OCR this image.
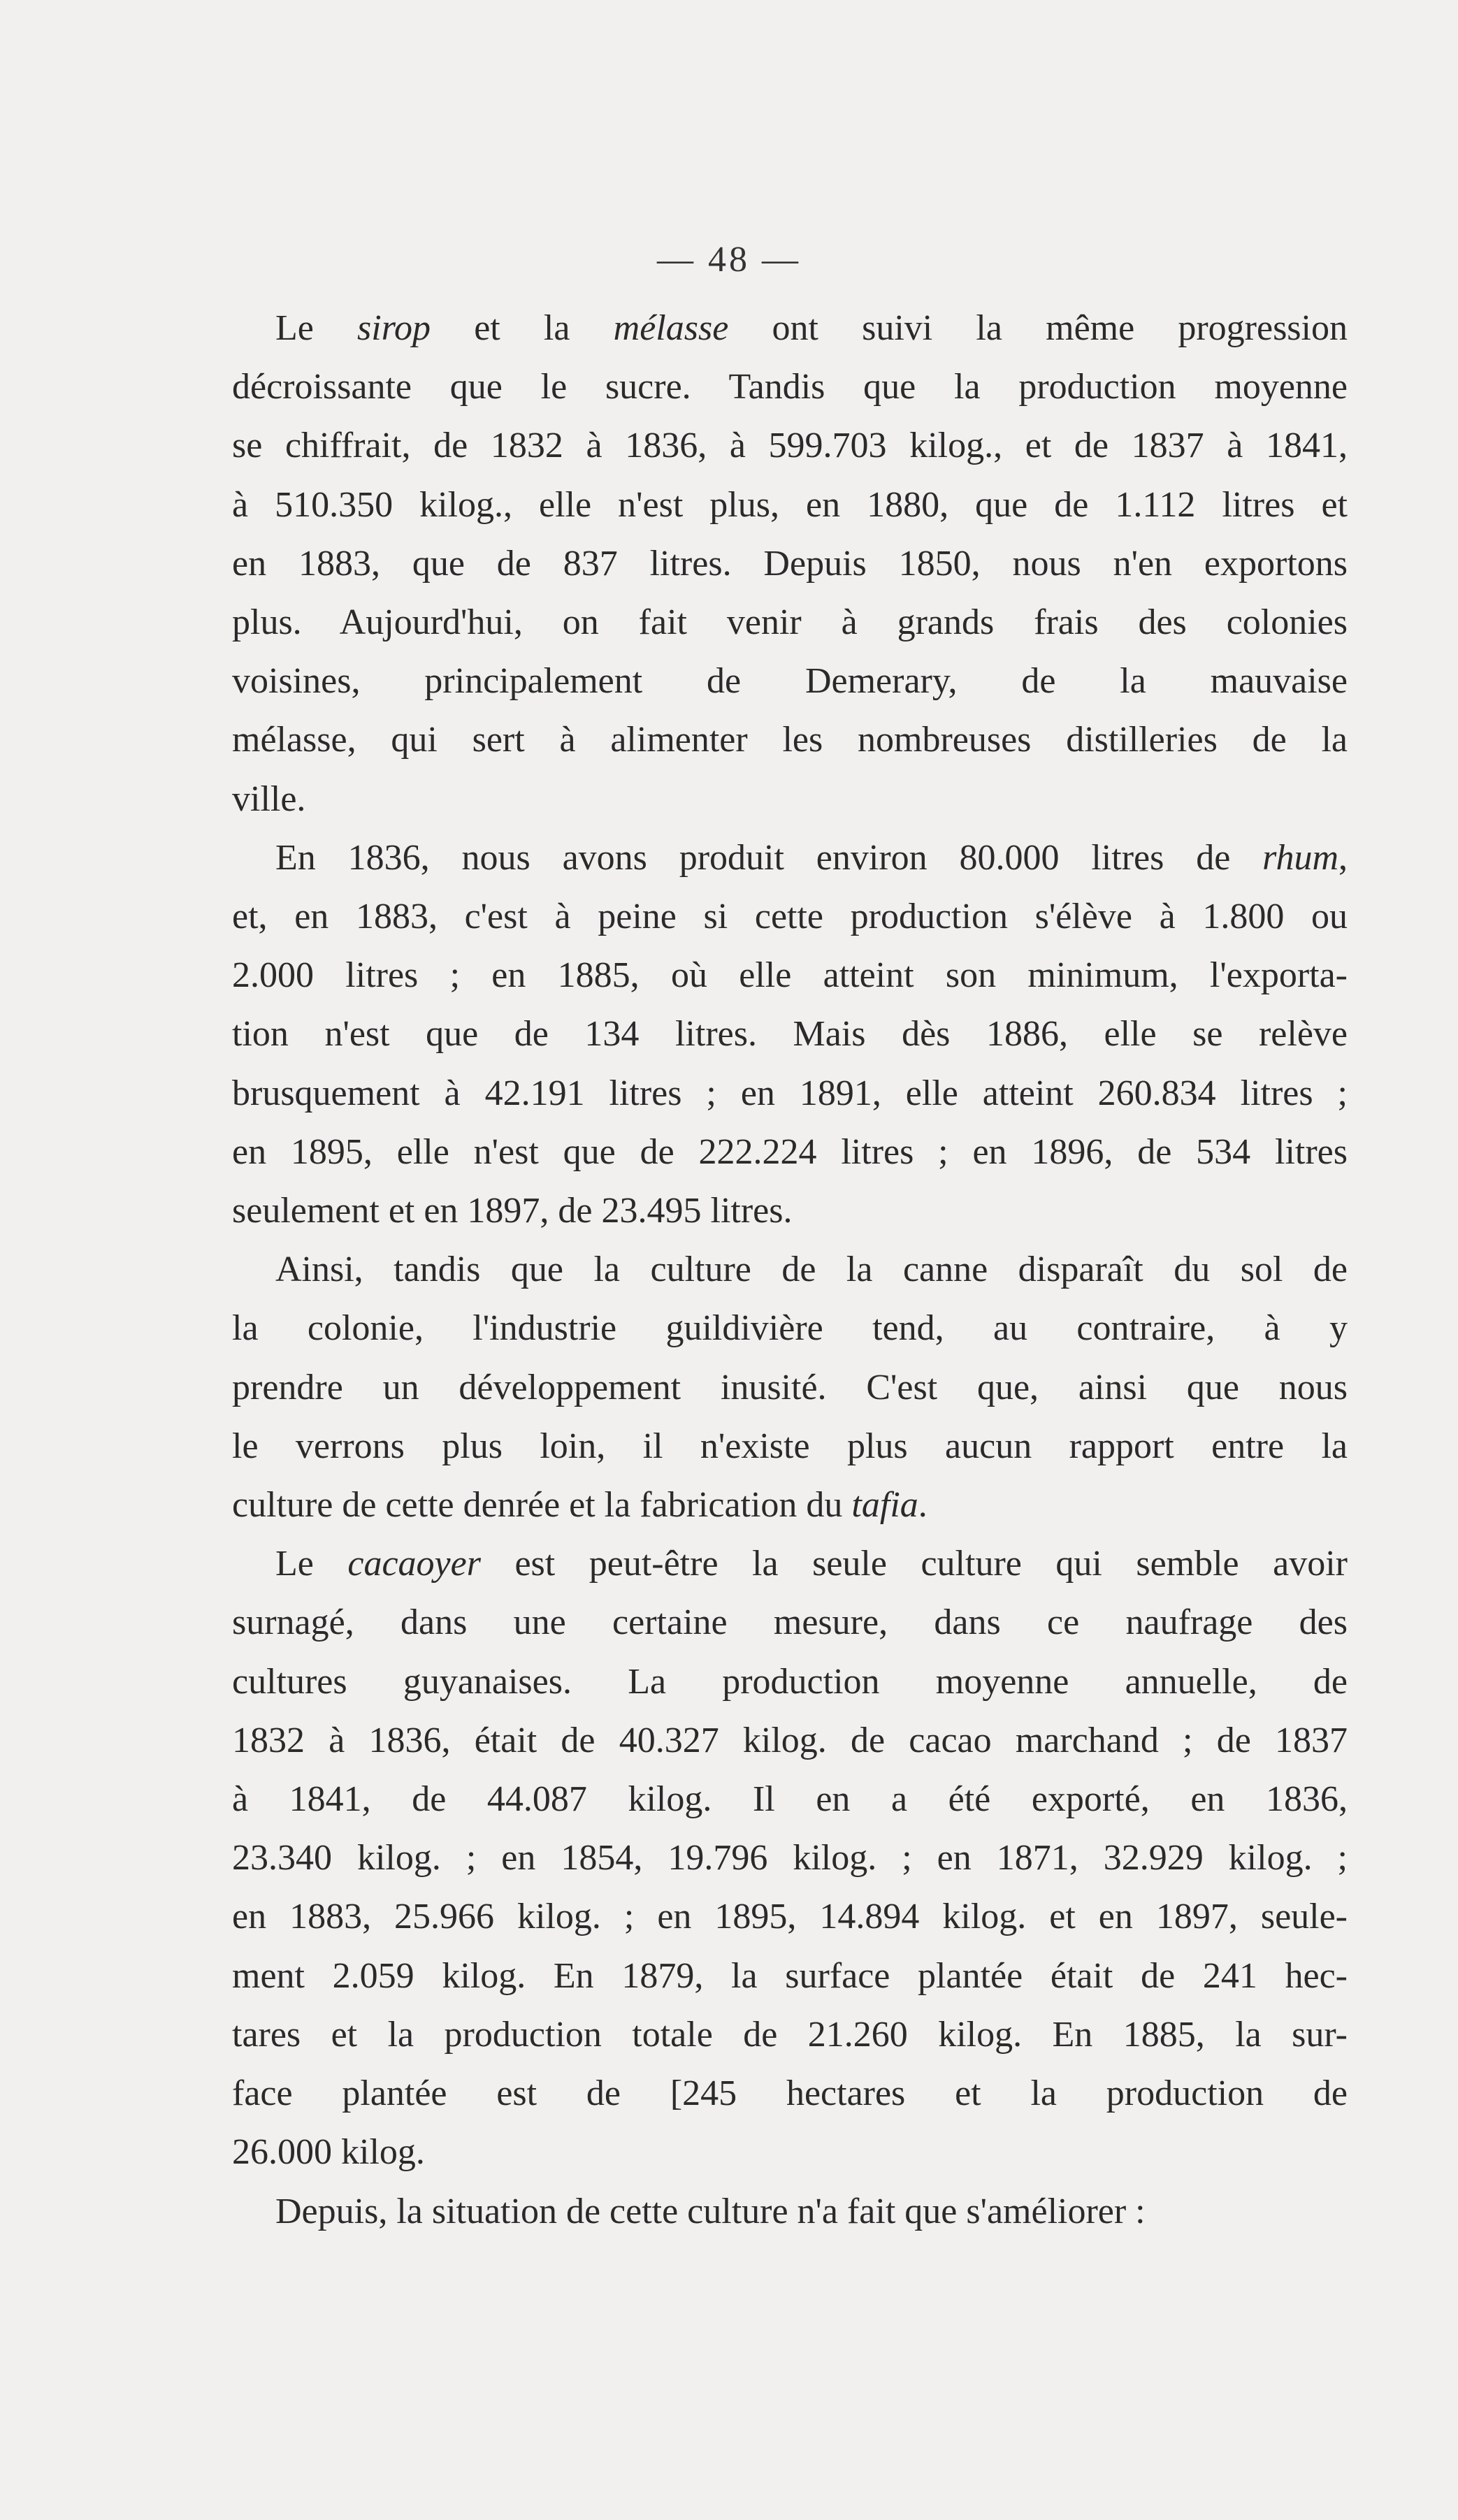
— 48 —

Le sirop et la mélasse ont suivi la même progression
décroissante que le sucre. Tandis que la production moyenne
se chiffrait, de 1832 à 1836, à 599.703 kilog., et de 1837 à 1841,
à 510.350 kilog., elle n'est plus, en 1880, que de 1.112 litres et
en 1883, que de 837 litres. Depuis 1850, nous n'en exportons
plus. Aujourd'hui, on fait venir à grands frais des colonies
voisines, principalement de Demerary, de la mauvaise
mélasse, qui sert à alimenter les nombreuses distilleries de la
ville.

En 1836, nous avons produit environ 80.000 litres de rhum,
et, en 1883, c'est à peine si cette production s'élève à 1.800 ou
2.000 litres ; en 1885, où elle atteint son minimum, l'exporta-
tion n'est que de 134 litres. Mais dès 1886, elle se relève
brusquement à 42.191 litres ; en 1891, elle atteint 260.834 litres ;
en 1895, elle n'est que de 222.224 litres ; en 1896, de 534 litres
seulement et en 1897, de 23.495 litres.

Ainsi, tandis que la culture de la canne disparaît du sol de
la colonie, l'industrie guildivière tend, au contraire, à y
prendre un développement inusité. C'est que, ainsi que nous
le verrons plus loin, il n'existe plus aucun rapport entre la
culture de cette denrée et la fabrication du tafia.

Le cacaoyer est peut-être la seule culture qui semble avoir
surnagé, dans une certaine mesure, dans ce naufrage des
cultures guyanaises. La production moyenne annuelle, de
1832 à 1836, était de 40.327 kilog. de cacao marchand ; de 1837
à 1841, de 44.087 kilog. Il en a été exporté, en 1836,
23.340 kilog. ; en 1854, 19.796 kilog. ; en 1871, 32.929 kilog. ;
en 1883, 25.966 kilog. ; en 1895, 14.894 kilog. et en 1897, seule-
ment 2.059 kilog. En 1879, la surface plantée était de 241 hec-
tares et la production totale de 21.260 kilog. En 1885, la sur-
face plantée est de [245 hectares et la production de
26.000 kilog.

Depuis, la situation de cette culture n'a fait que s'améliorer :
